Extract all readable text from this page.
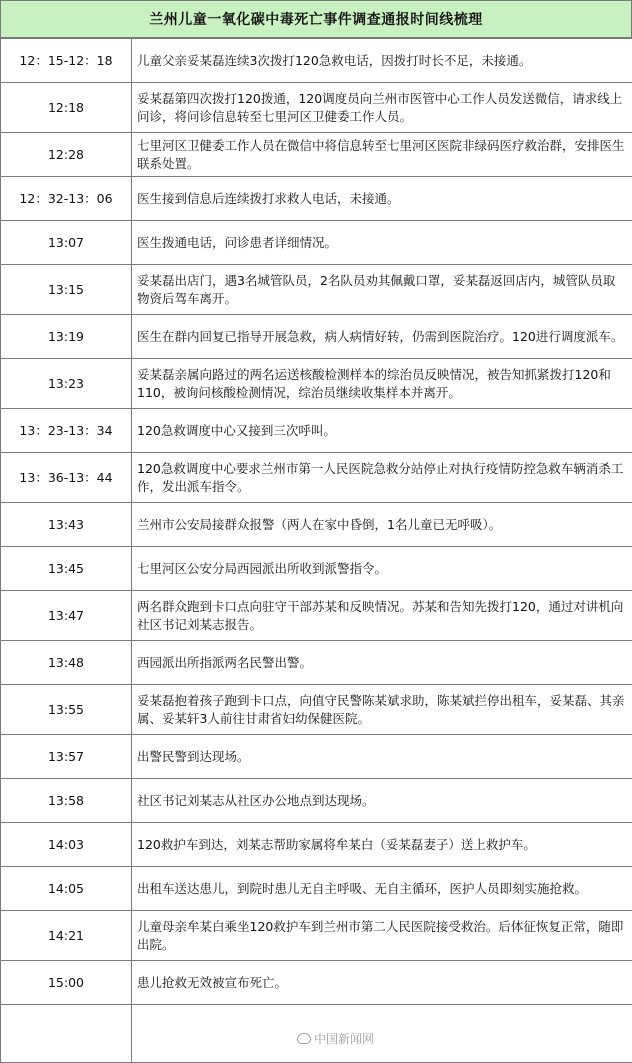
兰州儿童一氧化碳中毒死亡事件调查通报时间线梳理
12：15-12：18	儿童父亲妥某磊连续3次拨打120急救电话，因拨打时长不足，未接通。
12:18	妥某磊第四次拨打120拨通，120调度员向兰州市医管中心工作人员发送微信，请求线上问诊，将问诊信息转至七里河区卫健委工作人员。
12:28	七里河区卫健委工作人员在微信中将信息转至七里河区医院非绿码医疗救治群，安排医生联系处置。
12：32-13：06	医生接到信息后连续拨打求救人电话，未接通。
13:07	医生拨通电话，问诊患者详细情况。
13:15	妥某磊出店门，遇3名城管队员，2名队员劝其佩戴口罩，妥某磊返回店内，城管队员取物资后驾车离开。
13:19	医生在群内回复已指导开展急救，病人病情好转，仍需到医院治疗。120进行调度派车。
13:23	妥某磊亲属向路过的两名运送核酸检测样本的综治员反映情况，被告知抓紧拨打120和110，被询问核酸检测情况，综治员继续收集样本并离开。
13：23-13：34	120急救调度中心又接到三次呼叫。
13：36-13：44	120急救调度中心要求兰州市第一人民医院急救分站停止对执行疫情防控急救车辆消杀工作，发出派车指令。
13:43	兰州市公安局接群众报警（两人在家中昏倒，1名儿童已无呼吸）。
13:45	七里河区公安分局西园派出所收到派警指令。
13:47	两名群众跑到卡口点向驻守干部苏某和反映情况。苏某和告知先拨打120，通过对讲机向社区书记刘某志报告。
13:48	西园派出所指派两名民警出警。
13:55	妥某磊抱着孩子跑到卡口点，向值守民警陈某斌求助，陈某斌拦停出租车，妥某磊、其亲属、妥某轩3人前往甘肃省妇幼保健医院。
13:57	出警民警到达现场。
13:58	社区书记刘某志从社区办公地点到达现场。
14:03	120救护车到达，刘某志帮助家属将牟某白（妥某磊妻子）送上救护车。
14:05	出租车送达患儿，到院时患儿无自主呼吸、无自主循环，医护人员即刻实施抢救。
14:21	儿童母亲牟某白乘坐120救护车到兰州市第二人民医院接受救治。后体征恢复正常，随即出院。
15:00	患儿抢救无效被宣布死亡。

中国新闻网
